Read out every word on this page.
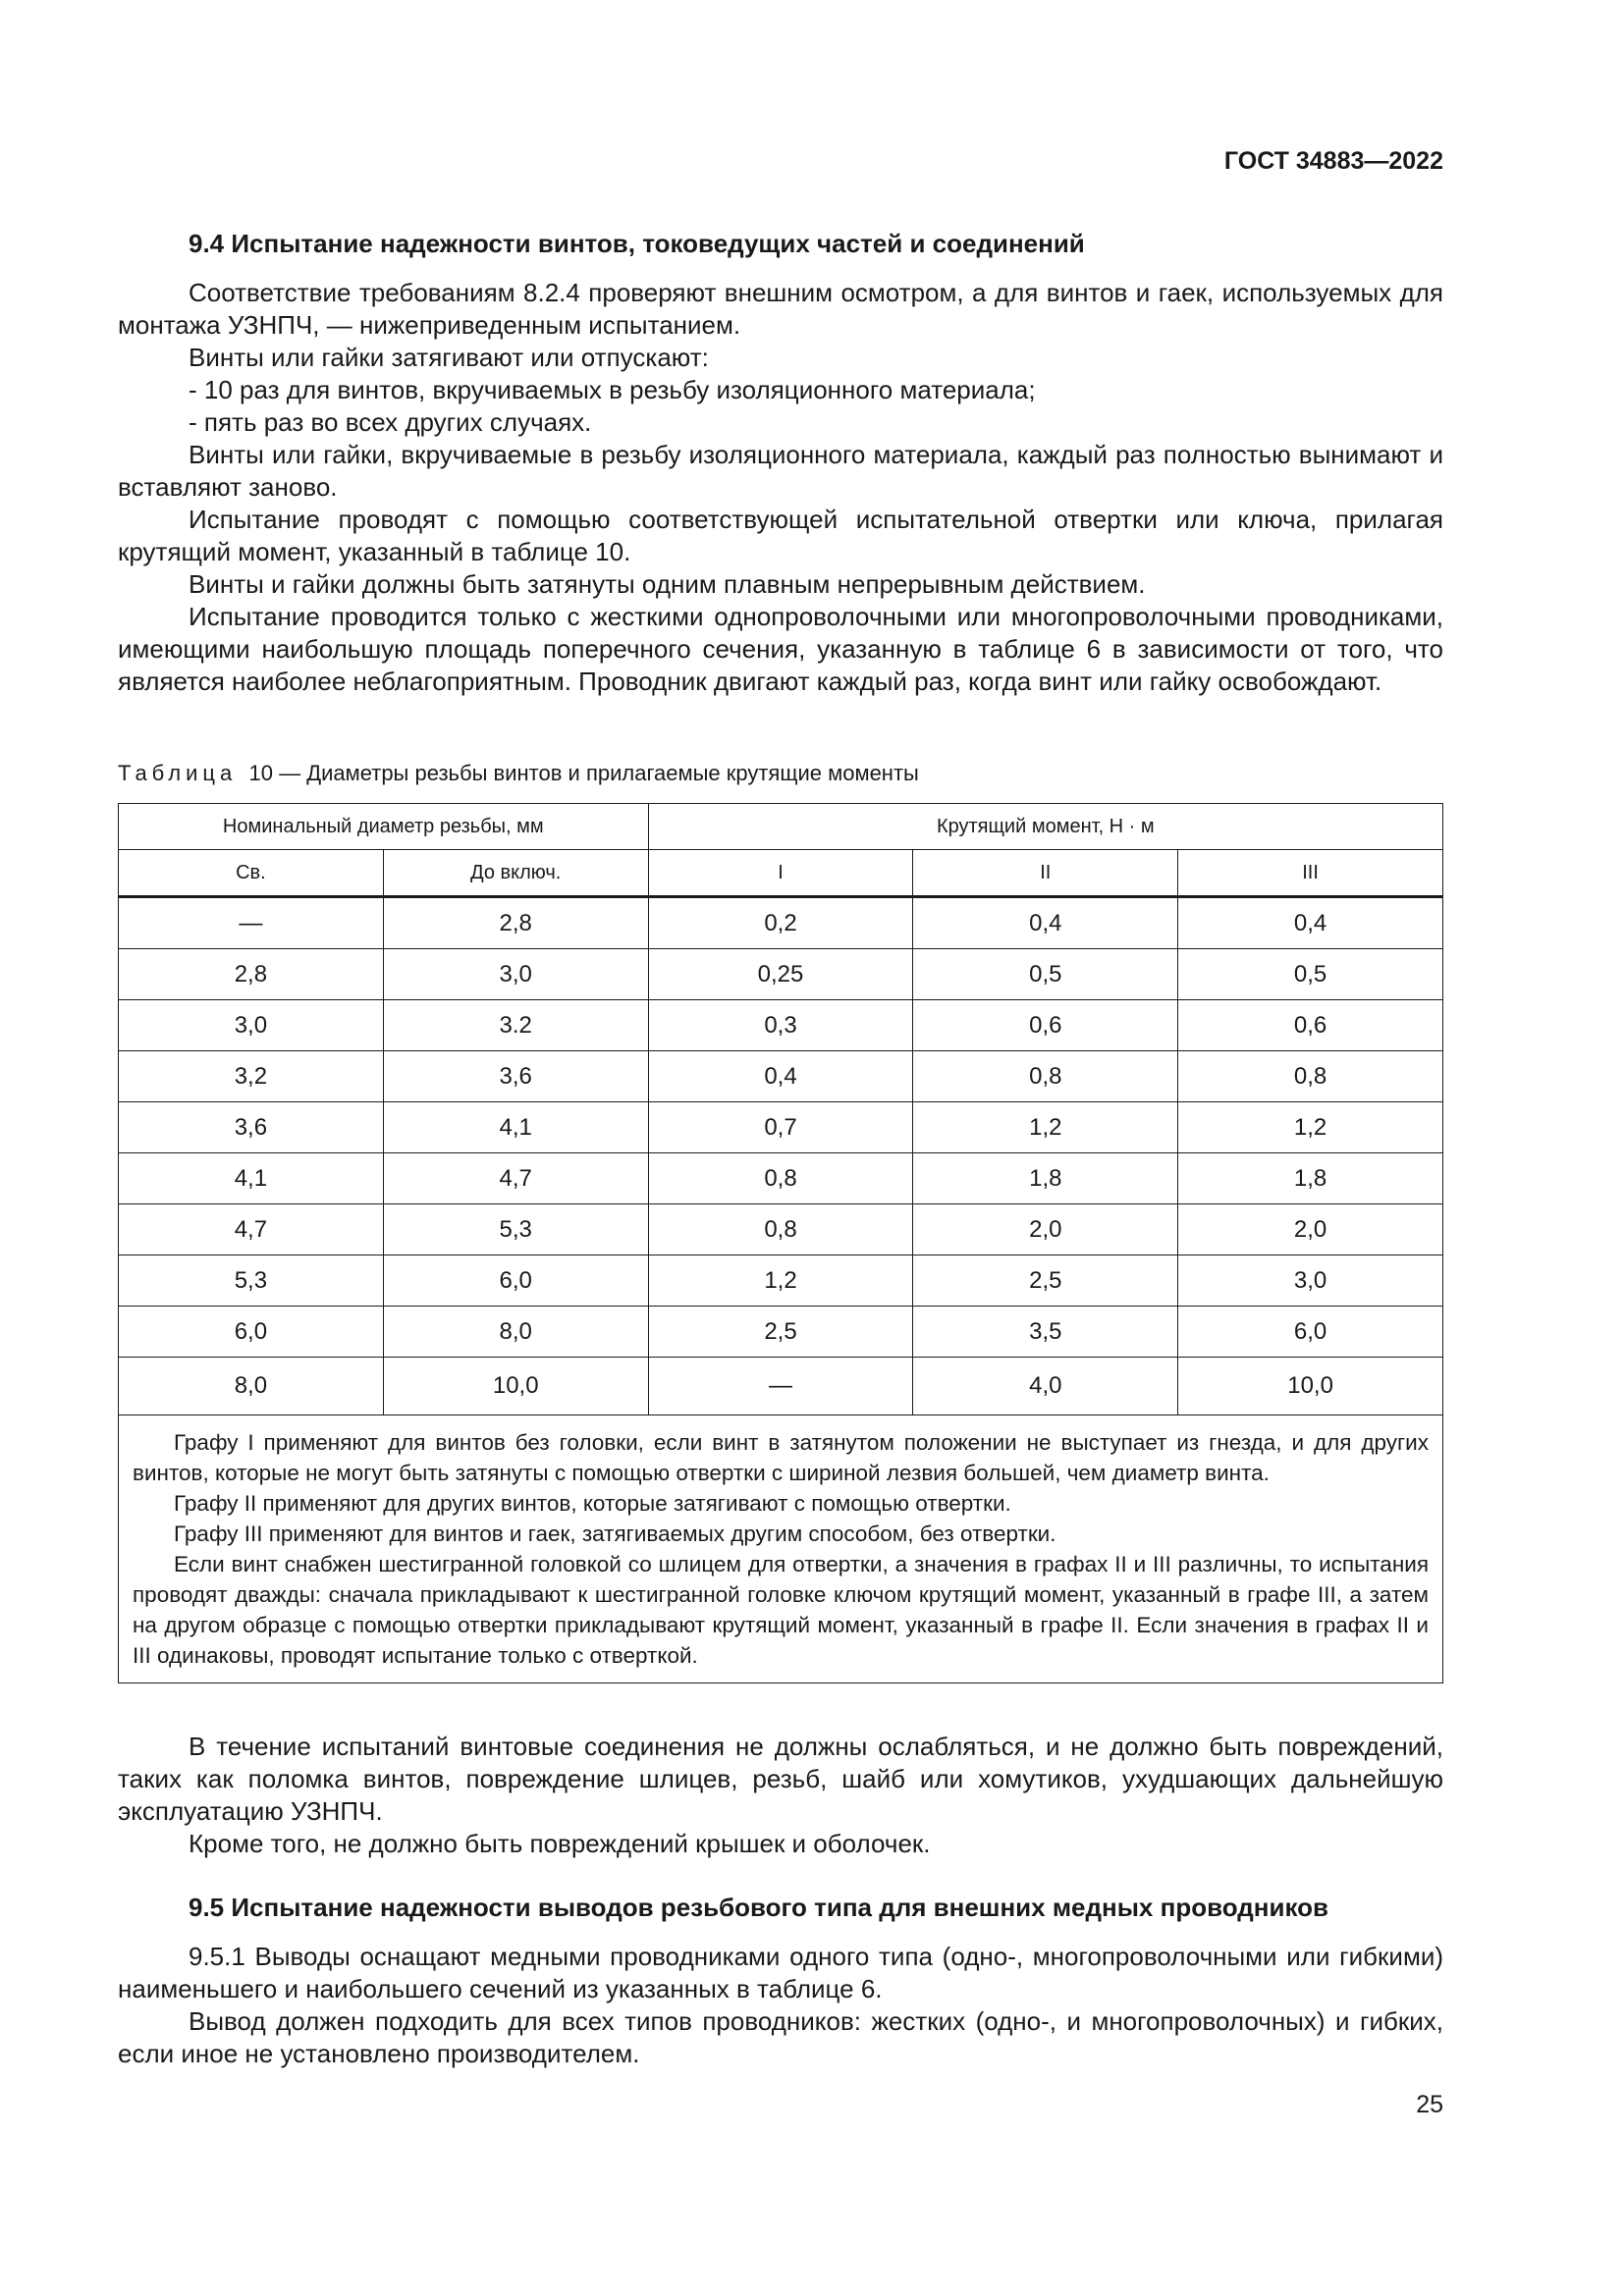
ГОСТ 34883—2022

9.4 Испытание надежности винтов, токоведущих частей и соединений

Соответствие требованиям 8.2.4 проверяют внешним осмотром, а для винтов и гаек, используемых для монтажа УЗНПЧ, — нижеприведенным испытанием.

Винты или гайки затягивают или отпускают:

- 10 раз для винтов, вкручиваемых в резьбу изоляционного материала;

- пять раз во всех других случаях.

Винты или гайки, вкручиваемые в резьбу изоляционного материала, каждый раз полностью вынимают и вставляют заново.

Испытание проводят с помощью соответствующей испытательной отвертки или ключа, прилагая крутящий момент, указанный в таблице 10.

Винты и гайки должны быть затянуты одним плавным непрерывным действием.

Испытание проводится только с жесткими однопроволочными или многопроволочными проводниками, имеющими наибольшую площадь поперечного сечения, указанную в таблице 6 в зависимости от того, что является наиболее неблагоприятным. Проводник двигают каждый раз, когда винт или гайку освобождают.

Таблица 10 — Диаметры резьбы винтов и прилагаемые крутящие моменты
Номинальный диаметр резьбы, мм		Крутящий момент, Н · м		
Св.	До включ.	I	II	III
—	2,8	0,2	0,4	0,4
2,8	3,0	0,25	0,5	0,5
3,0	3.2	0,3	0,6	0,6
3,2	3,6	0,4	0,8	0,8
3,6	4,1	0,7	1,2	1,2
4,1	4,7	0,8	1,8	1,8
4,7	5,3	0,8	2,0	2,0
5,3	6,0	1,2	2,5	3,0
6,0	8,0	2,5	3,5	6,0
8,0	10,0	—	4,0	10,0

Графу I применяют для винтов без головки, если винт в затянутом положении не выступает из гнезда, и для других винтов, которые не могут быть затянуты с помощью отвертки с шириной лезвия большей, чем диаметр винта.

Графу II применяют для других винтов, которые затягивают с помощью отвертки.

Графу III применяют для винтов и гаек, затягиваемых другим способом, без отвертки.

Если винт снабжен шестигранной головкой со шлицем для отвертки, а значения в графах II и III различны, то испытания проводят дважды: сначала прикладывают к шестигранной головке ключом крутящий момент, указанный в графе III, а затем на другом образце с помощью отвертки прикладывают крутящий момент, указанный в графе II. Если значения в графах II и III одинаковы, проводят испытание только с отверткой.				

В течение испытаний винтовые соединения не должны ослабляться, и не должно быть повреждений, таких как поломка винтов, повреждение шлицев, резьб, шайб или хомутиков, ухудшающих дальнейшую эксплуатацию УЗНПЧ.

Кроме того, не должно быть повреждений крышек и оболочек.

9.5 Испытание надежности выводов резьбового типа для внешних медных проводников

9.5.1 Выводы оснащают медными проводниками одного типа (одно-, многопроволочными или гибкими) наименьшего и наибольшего сечений из указанных в таблице 6.

Вывод должен подходить для всех типов проводников: жестких (одно-, и многопроволочных) и гибких, если иное не установлено производителем.

25
